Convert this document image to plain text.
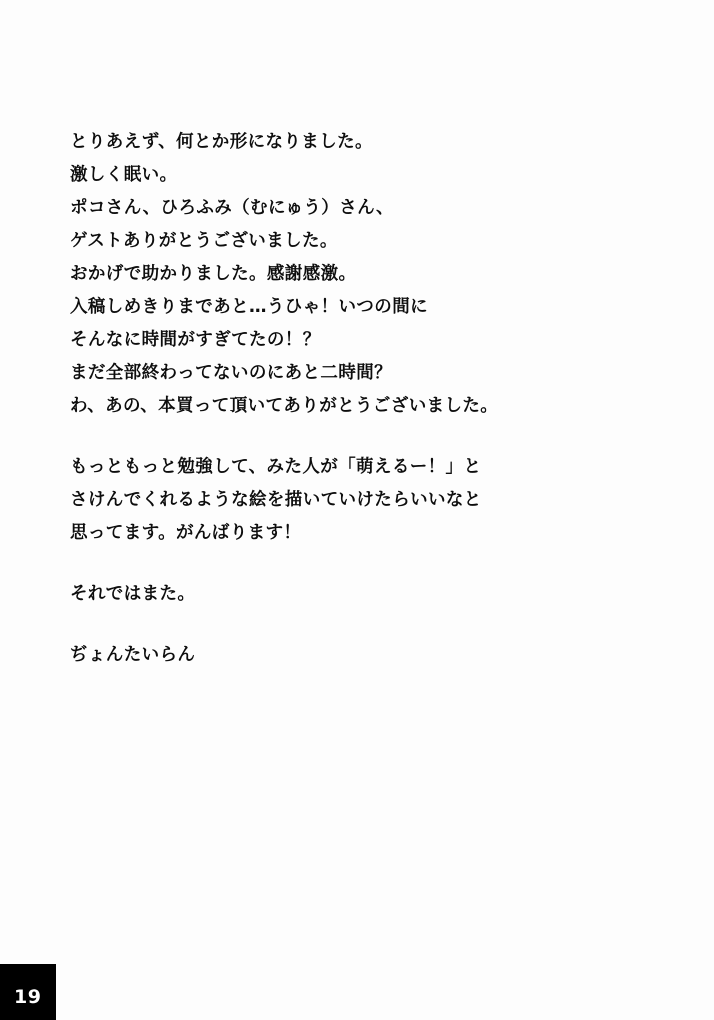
とりあえず、何とか形になりました。
激しく眠い。
ポコさん、ひろふみ（むにゅう）さん、
ゲストありがとうございました。
おかげで助かりました。感謝感激。
入稿しめきりまであと…うひゃ！いつの間に
そんなに時間がすぎてたの！？
まだ全部終わってないのにあと二時間？
わ、あの、本買って頂いてありがとうございました。
もっともっと勉強して、みた人が「萌えるー！」と
さけんでくれるような絵を描いていけたらいいなと
思ってます。がんばります！
それではまた。
ぢょんたいらん
19
